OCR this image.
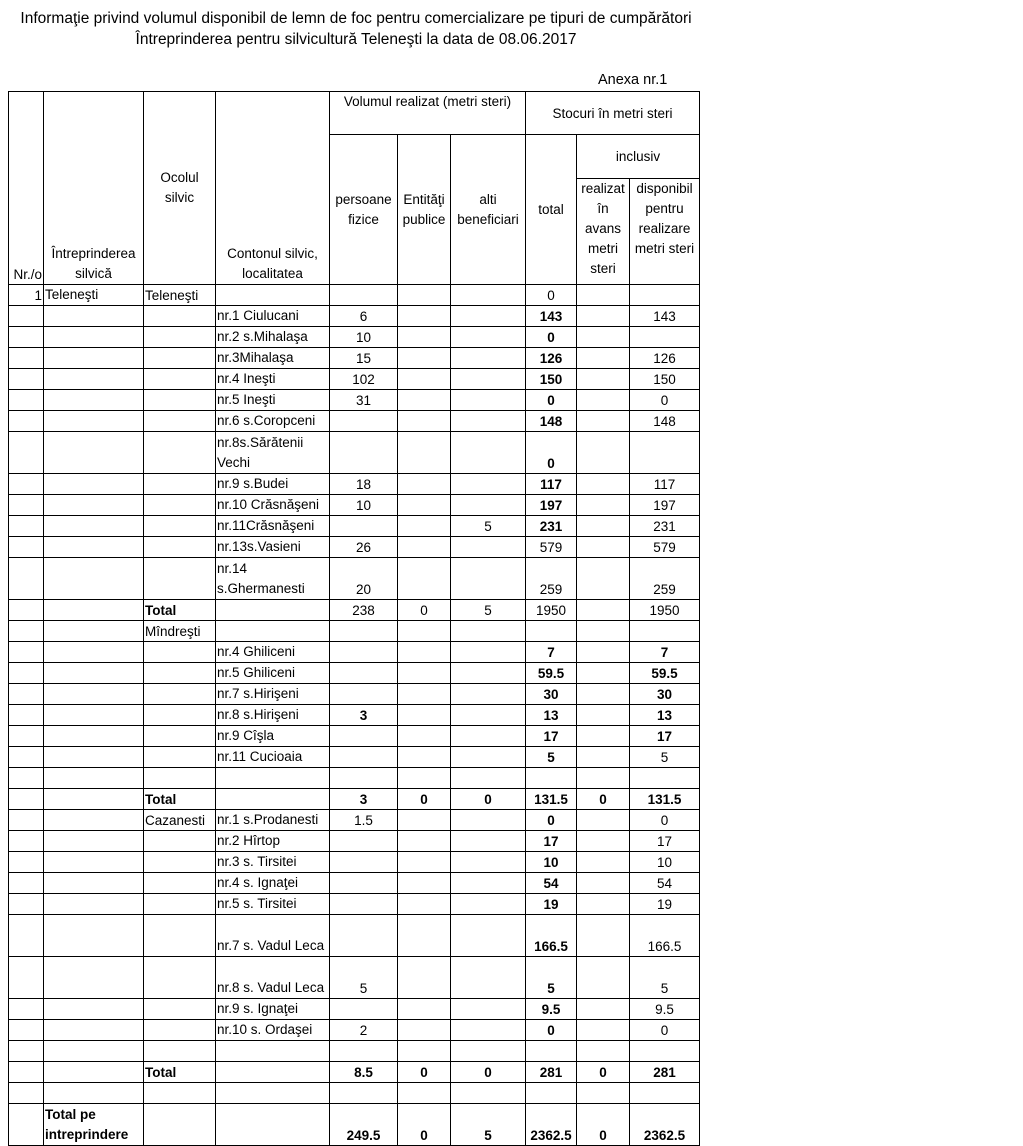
Informaţie privind volumul disponibil de lemn de foc pentru comercializare pe tipuri de cumpărători
Întreprinderea pentru silvicultură Teleneşti la data de 08.06.2017
Anexa nr.1
Nr./o	Întreprinderea silvică	Ocolul silvic	Contonul silvic, localitatea	Volumul realizat (metri steri)			Stocuri în metri steri		
				persoane fizice	Entităţi publice	alti beneficiari	total	inclusiv	
								realizat în avans metri steri	disponibil pentru realizare metri steri
1	Teleneşti	Teleneşti					0		
			nr.1 Ciulucani	6			143		143
			nr.2 s.Mihalaşa	10			0		
			nr.3Mihalaşa	15			126		126
			nr.4 Ineşti	102			150		150
			nr.5 Ineşti	31			0		0
			nr.6 s.Coropceni				148		148
			nr.8s.Sărătenii Vechi				0		
			nr.9 s.Budei	18			117		117
			nr.10 Crăsnăşeni	10			197		197
			nr.11Crăsnăşeni			5	231		231
			nr.13s.Vasieni	26			579		579
			nr.14 s.Ghermanesti	20			259		259
		Total		238	0	5	1950		1950
		Mîndreşti							
			nr.4 Ghiliceni				7		7
			nr.5 Ghiliceni				59.5		59.5
			nr.7 s.Hirişeni				30		30
			nr.8 s.Hirişeni	3			13		13
			nr.9 Cîşla				17		17
			nr.11 Cucioaia				5		5

		Total		3	0	0	131.5	0	131.5
		Cazanesti	nr.1 s.Prodanesti	1.5			0		0
			nr.2 Hîrtop				17		17
			nr.3 s. Tirsitei				10		10
			nr.4 s. Ignaţei				54		54
			nr.5 s. Tirsitei				19		19
			nr.7 s. Vadul Leca				166.5		166.5
			nr.8 s. Vadul Leca	5			5		5
			nr.9 s. Ignaţei				9.5		9.5
			nr.10 s. Ordaşei	2			0		0

		Total		8.5	0	0	281	0	281

	Total pe intreprindere			249.5	0	5	2362.5	0	2362.5
